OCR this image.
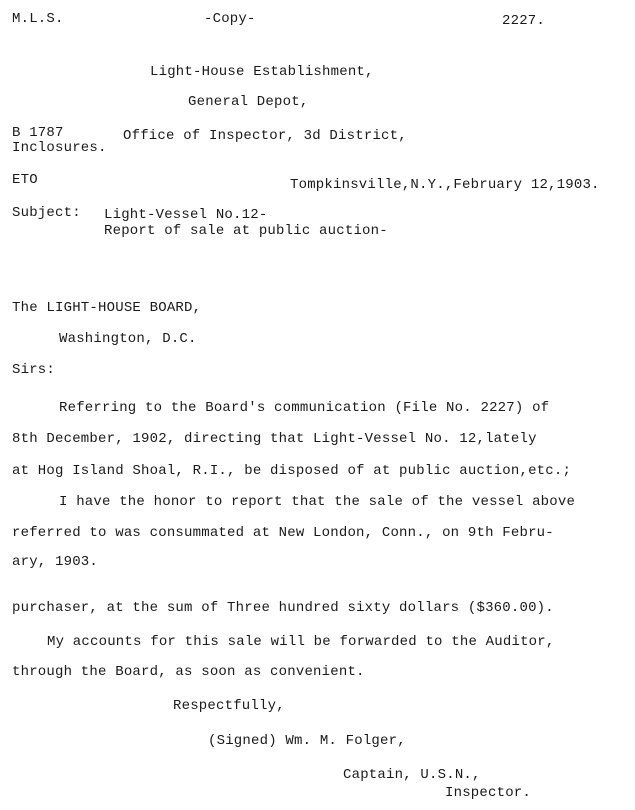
M.L.S.	-Copy-	2227.
Light-House Establishment,
General Depot,
B 1787	Office of Inspector, 3d District,
Inclosures.
ETO	Tompkinsville,N.Y.,February 12,1903.
Subject: Light-Vessel No.12-
Report of sale at public auction-
The LIGHT-HOUSE BOARD,
Washington, D.C.
Sirs:
Referring to the Board's communication (File No. 2227) of
8th December, 1902, directing that Light-Vessel No. 12,lately
at Hog Island Shoal, R.I., be disposed of at public auction,etc.;
I have the honor to report that the sale of the vessel above
referred to was consummated at New London, Conn., on 9th Febru-
ary, 1903.
purchaser, at the sum of Three hundred sixty dollars ($360.00).
My accounts for this sale will be forwarded to the Auditor,
through the Board, as soon as convenient.
Respectfully,
(Signed) Wm. M. Folger,
Captain, U.S.N.,
Inspector.
